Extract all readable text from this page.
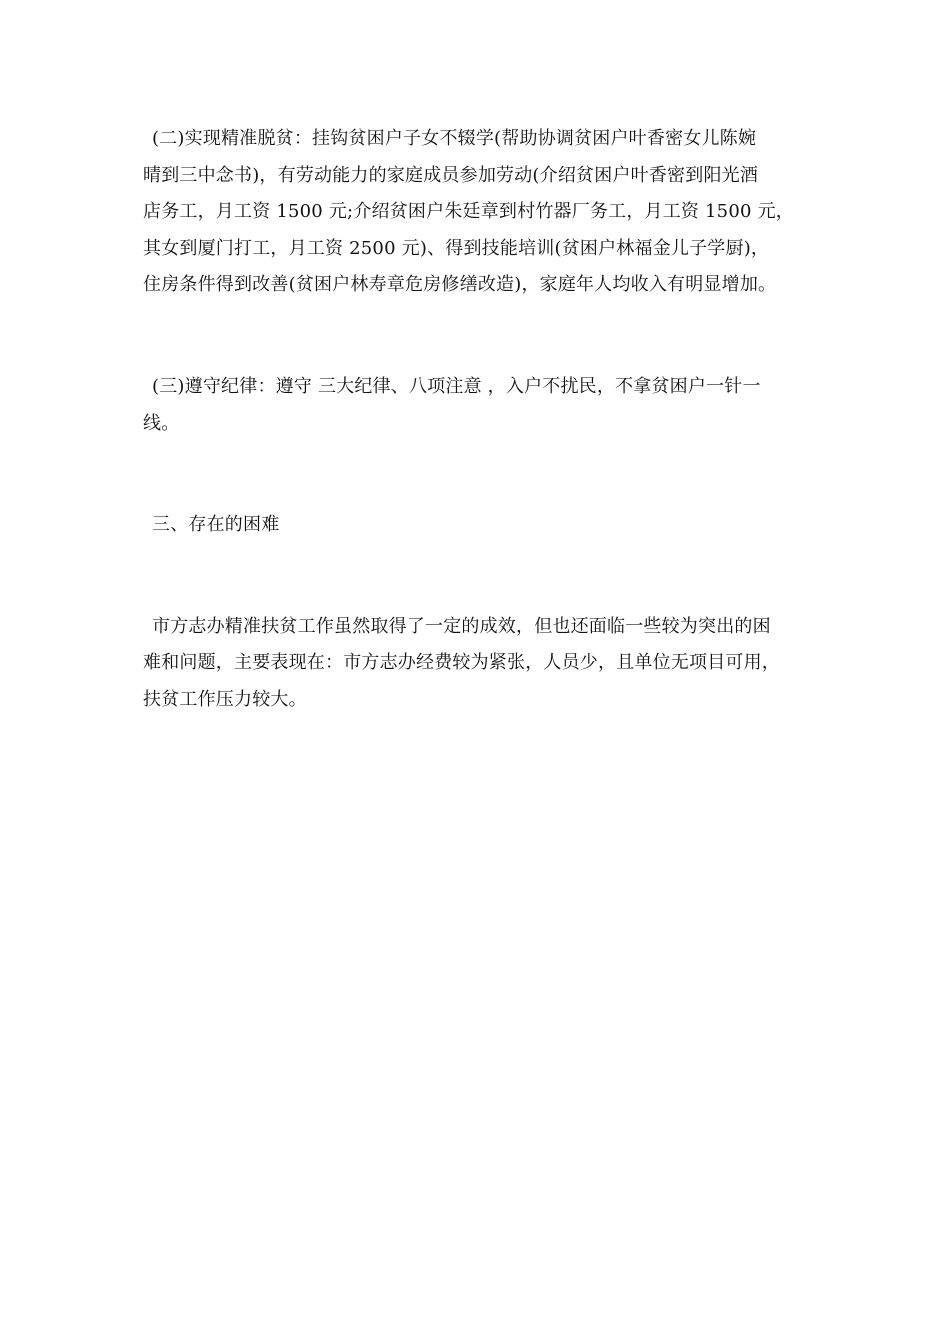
(二)实现精准脱贫：挂钩贫困户子女不辍学(帮助协调贫困户叶香密女儿陈婉
晴到三中念书)，有劳动能力的家庭成员参加劳动(介绍贫困户叶香密到阳光酒
店务工，月工资 1500 元;介绍贫困户朱廷章到村竹器厂务工，月工资 1500 元，
其女到厦门打工，月工资 2500 元)、得到技能培训(贫困户林福金儿子学厨)，
住房条件得到改善(贫困户林寿章危房修缮改造)，家庭年人均收入有明显增加。

(三)遵守纪律：遵守 三大纪律、八项注意 ，入户不扰民，不拿贫困户一针一
线。

三、存在的困难

市方志办精准扶贫工作虽然取得了一定的成效，但也还面临一些较为突出的困
难和问题，主要表现在：市方志办经费较为紧张，人员少，且单位无项目可用，
扶贫工作压力较大。
